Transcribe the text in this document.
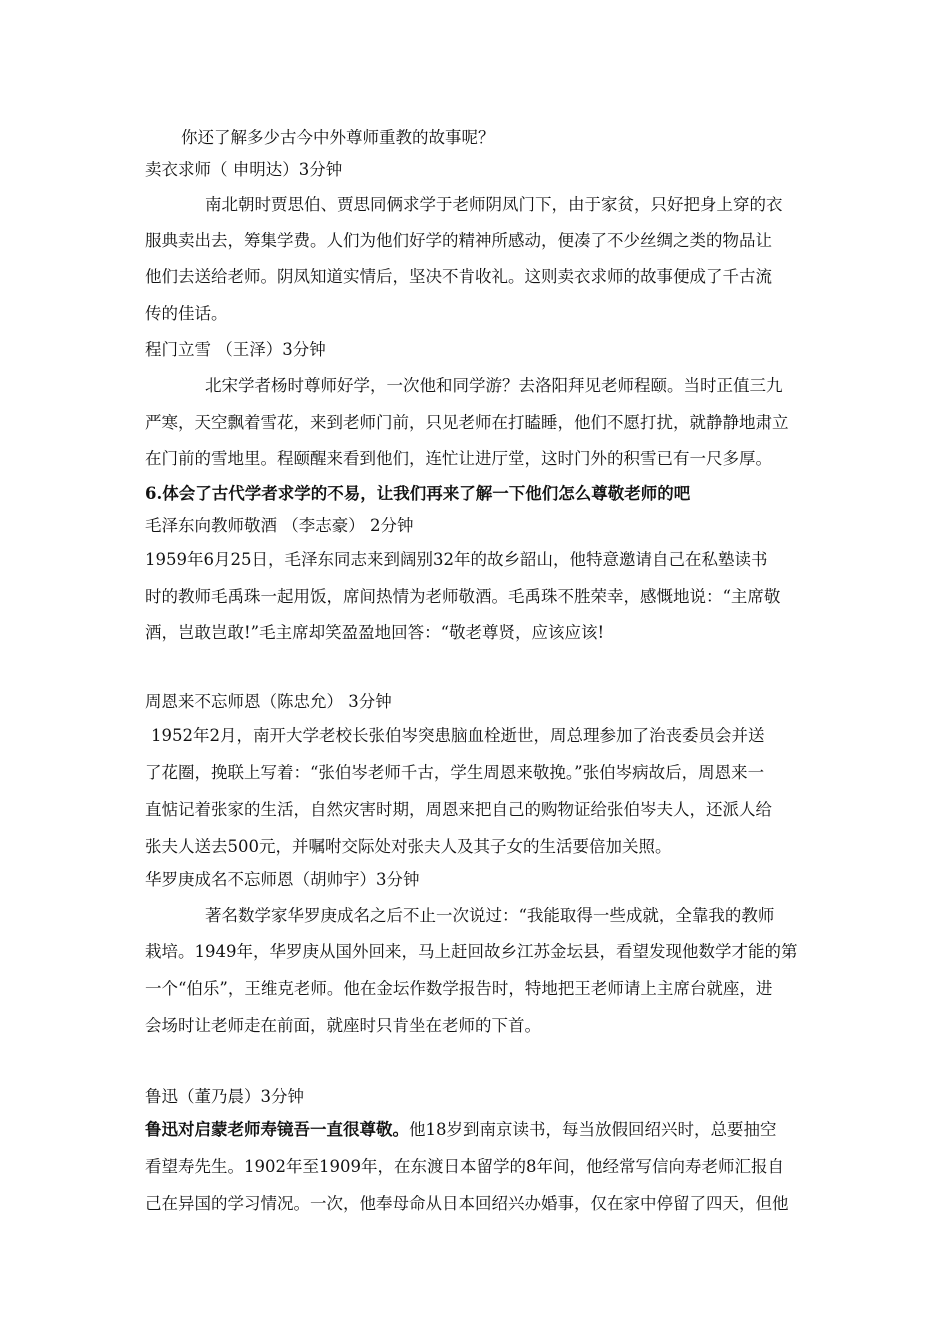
你还了解多少古今中外尊师重教的故事呢？
卖衣求师（ 申明达）3分钟
南北朝时贾思伯、贾思同俩求学于老师阴凤门下，由于家贫，只好把身上穿的衣
服典卖出去，筹集学费。人们为他们好学的精神所感动，便凑了不少丝绸之类的物品让
他们去送给老师。阴凤知道实情后，坚决不肯收礼。这则卖衣求师的故事便成了千古流
传的佳话。
程门立雪 （王泽）3分钟
北宋学者杨时尊师好学，一次他和同学游？去洛阳拜见老师程颐。当时正值三九
严寒，天空飘着雪花，来到老师门前，只见老师在打瞌睡，他们不愿打扰，就静静地肃立
在门前的雪地里。程颐醒来看到他们，连忙让进厅堂，这时门外的积雪已有一尺多厚。
6.体会了古代学者求学的不易，让我们再来了解一下他们怎么尊敬老师的吧
毛泽东向教师敬酒 （李志豪） 2分钟
1959年6月25日，毛泽东同志来到阔别32年的故乡韶山，他特意邀请自己在私塾读书
时的教师毛禹珠一起用饭，席间热情为老师敬酒。毛禹珠不胜荣幸，感慨地说：“主席敬
酒，岂敢岂敢!”毛主席却笑盈盈地回答：“敬老尊贤，应该应该!
周恩来不忘师恩（陈忠允） 3分钟
1952年2月，南开大学老校长张伯岑突患脑血栓逝世，周总理参加了治丧委员会并送
了花圈，挽联上写着：“张伯岑老师千古，学生周恩来敬挽。”张伯岑病故后，周恩来一
直惦记着张家的生活，自然灾害时期，周恩来把自己的购物证给张伯岑夫人，还派人给
张夫人送去500元，并嘱咐交际处对张夫人及其子女的生活要倍加关照。
华罗庚成名不忘师恩（胡帅宇）3分钟
著名数学家华罗庚成名之后不止一次说过：“我能取得一些成就，全靠我的教师
栽培。1949年，华罗庚从国外回来，马上赶回故乡江苏金坛县，看望发现他数学才能的第
一个“伯乐”，王维克老师。他在金坛作数学报告时，特地把王老师请上主席台就座，进
会场时让老师走在前面，就座时只肯坐在老师的下首。
鲁迅（董乃晨）3分钟
鲁迅对启蒙老师寿镜吾一直很尊敬。他18岁到南京读书，每当放假回绍兴时，总要抽空
看望寿先生。1902年至1909年，在东渡日本留学的8年间，他经常写信向寿老师汇报自
己在异国的学习情况。一次，他奉母命从日本回绍兴办婚事，仅在家中停留了四天，但他
